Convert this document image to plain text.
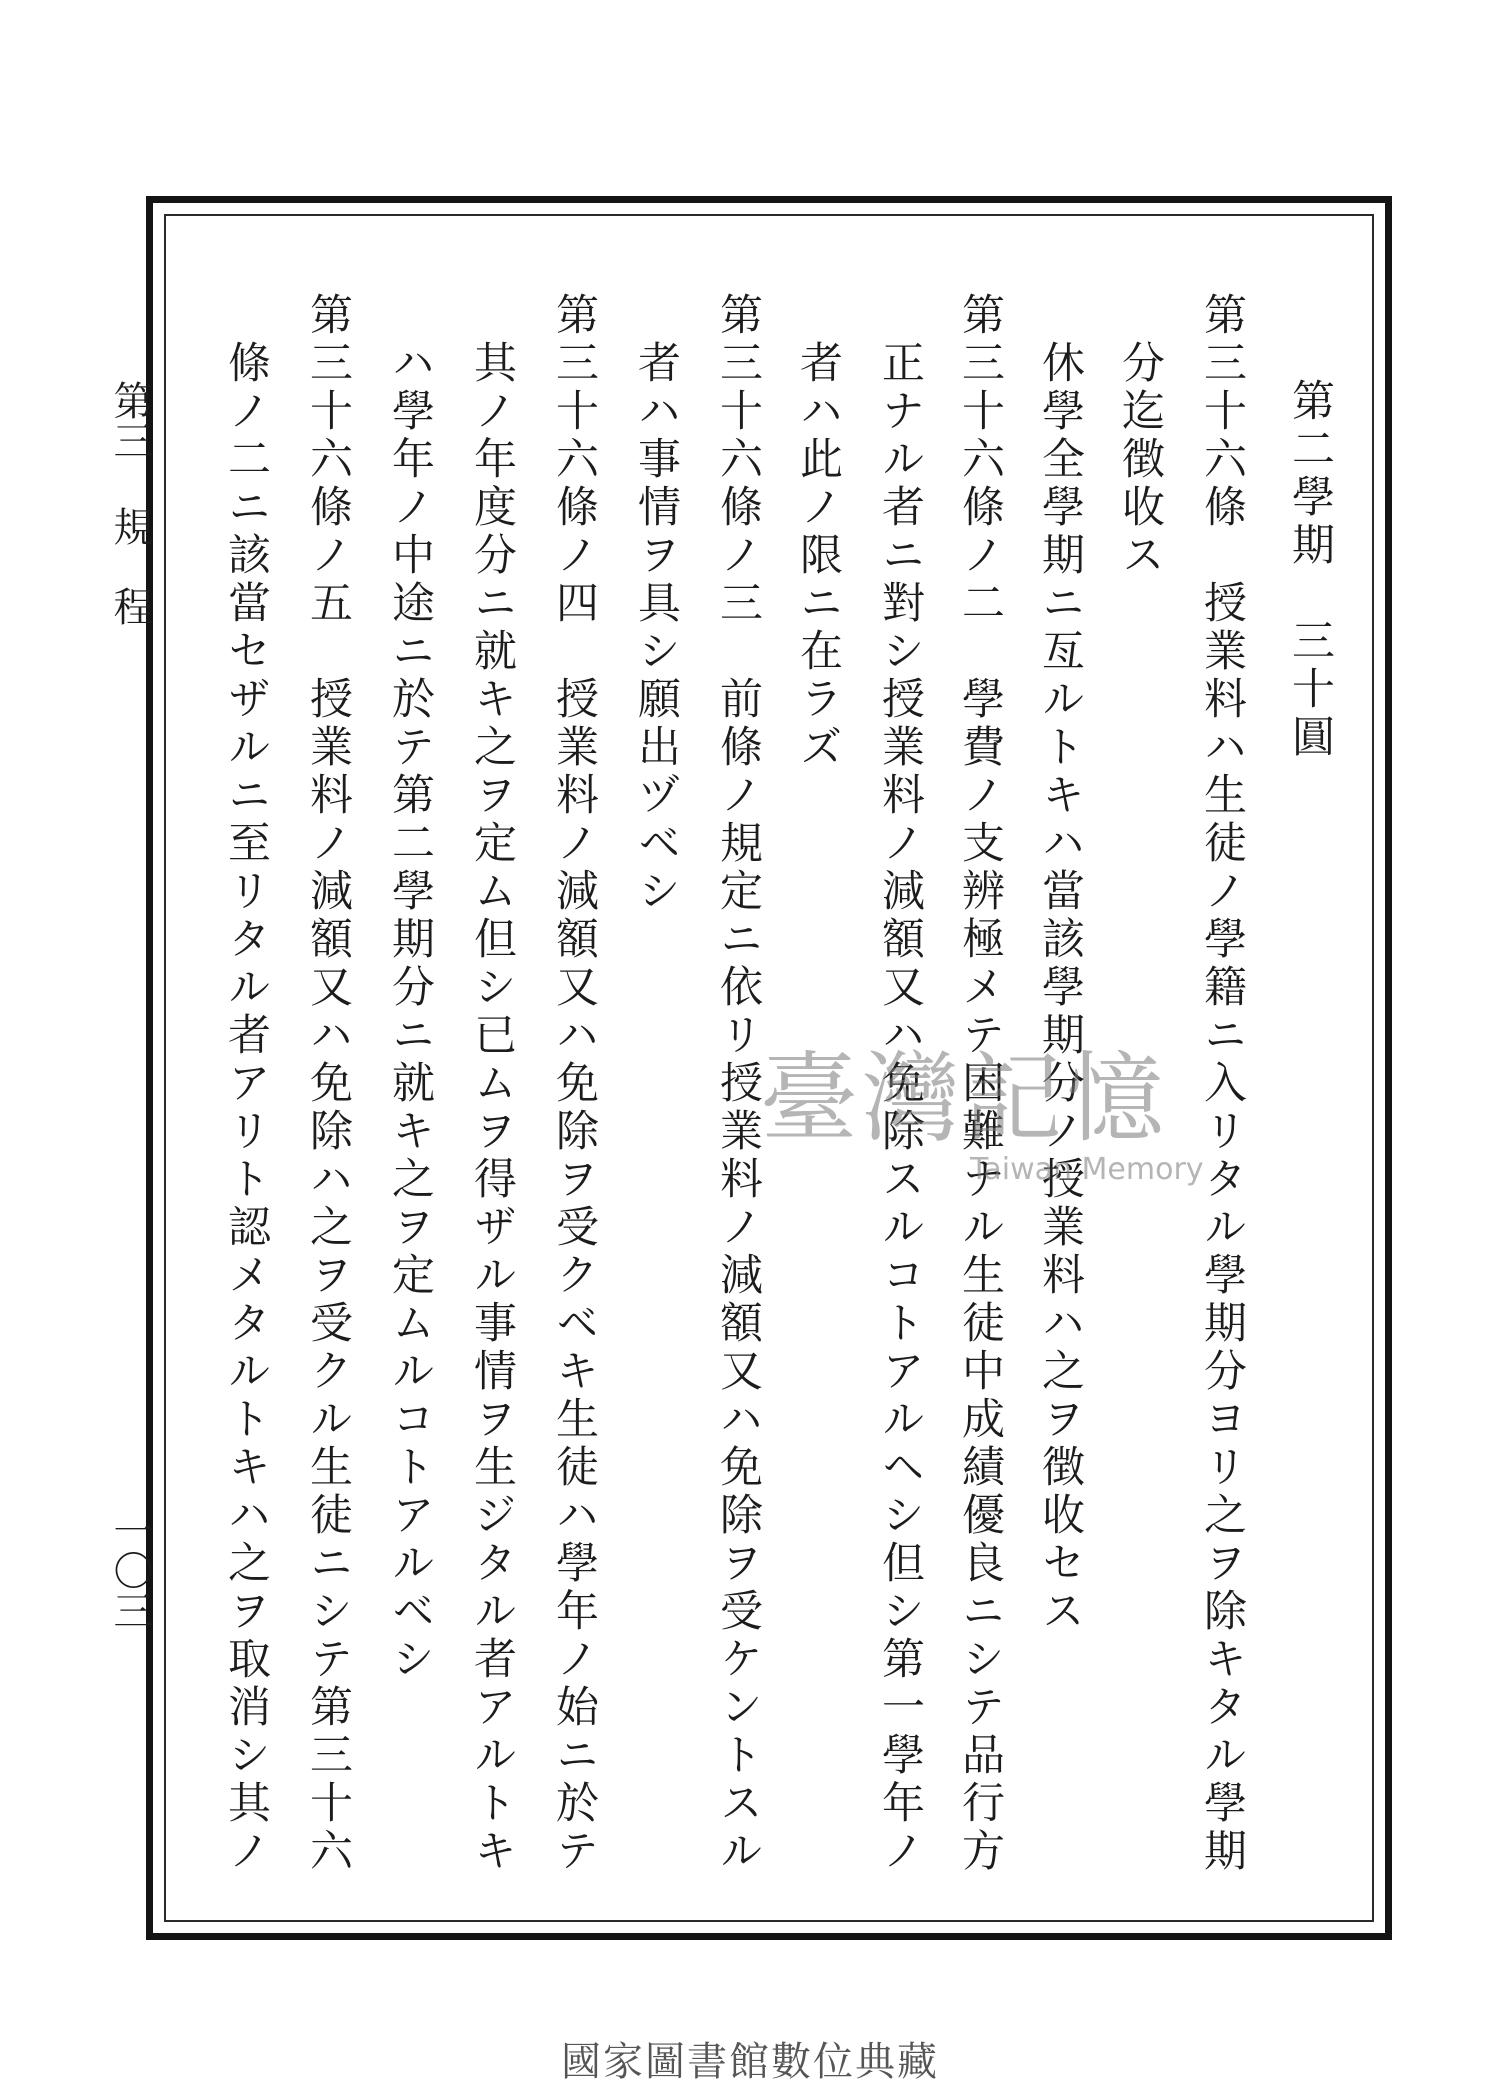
第二學期　三十圓
第三十六條　授業料ハ生徒ノ學籍ニ入リタル學期分ヨリ之ヲ除キタル學期
分迄徴收ス
休學全學期ニ亙ルトキハ當該學期分ノ授業料ハ之ヲ徴收セス
第三十六條ノ二　學費ノ支辨極メテ困難ナル生徒中成績優良ニシテ品行方
正ナル者ニ對シ授業料ノ減額又ハ免除スルコトアルヘシ但シ第一學年ノ
者ハ此ノ限ニ在ラズ
第三十六條ノ三　前條ノ規定ニ依リ授業料ノ減額又ハ免除ヲ受ケントスル
者ハ事情ヲ具シ願出ヅベシ
第三十六條ノ四　授業料ノ減額又ハ免除ヲ受クベキ生徒ハ學年ノ始ニ於テ
其ノ年度分ニ就キ之ヲ定ム但シ已ムヲ得ザル事情ヲ生ジタル者アルトキ
ハ學年ノ中途ニ於テ第二學期分ニ就キ之ヲ定ムルコトアルベシ
第三十六條ノ五　授業料ノ減額又ハ免除ハ之ヲ受クル生徒ニシテ第三十六
條ノ二ニ該當セザルニ至リタル者アリト認メタルトキハ之ヲ取消シ其ノ
第三 規　程
一〇三
臺灣記憶
Taiwan Memory
國家圖書館數位典藏
